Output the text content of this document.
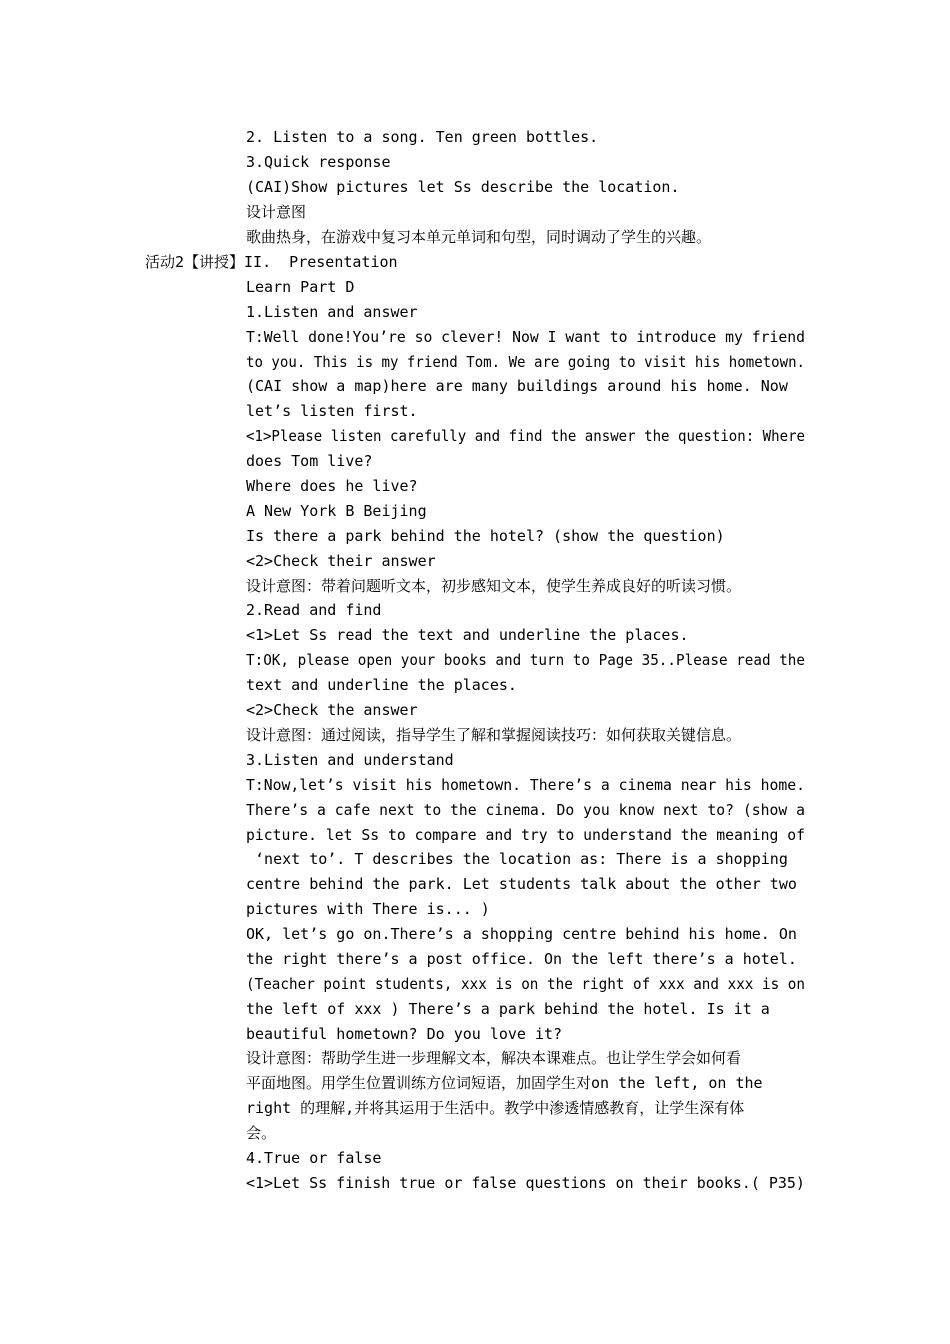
2. Listen to a song. Ten green bottles.
3.Quick response
(CAI)Show pictures let Ss describe the location.
设计意图
歌曲热身，在游戏中复习本单元单词和句型，同时调动了学生的兴趣。
活动2【讲授】II.  Presentation
Learn Part D
1.Listen and answer
T:Well done!You’re so clever! Now I want to introduce my friend
to you. This is my friend Tom. We are going to visit his hometown.
(CAI show a map)here are many buildings around his home. Now
let’s listen first.
<1>Please listen carefully and find the answer the question: Where
does Tom live?
Where does he live?
A New York B Beijing
Is there a park behind the hotel? (show the question)
<2>Check their answer
设计意图：带着问题听文本，初步感知文本，使学生养成良好的听读习惯。
2.Read and find
<1>Let Ss read the text and underline the places.
T:OK, please open your books and turn to Page 35..Please read the
text and underline the places.
<2>Check the answer
设计意图：通过阅读，指导学生了解和掌握阅读技巧：如何获取关键信息。
3.Listen and understand
T:Now,let’s visit his hometown. There’s a cinema near his home.
There’s a cafe next to the cinema. Do you know next to? (show a
picture. let Ss to compare and try to understand the meaning of
‘next to’. T describes the location as: There is a shopping
centre behind the park. Let students talk about the other two
pictures with There is... )
OK, let’s go on.There’s a shopping centre behind his home. On
the right there’s a post office. On the left there’s a hotel.
(Teacher point students, xxx is on the right of xxx and xxx is on
the left of xxx ) There’s a park behind the hotel. Is it a
beautiful hometown? Do you love it?
设计意图：帮助学生进一步理解文本，解决本课难点。也让学生学会如何看
平面地图。用学生位置训练方位词短语，加固学生对on the left, on the
right 的理解,并将其运用于生活中。教学中渗透情感教育，让学生深有体
会。
4.True or false
<1>Let Ss finish true or false questions on their books.( P35)
